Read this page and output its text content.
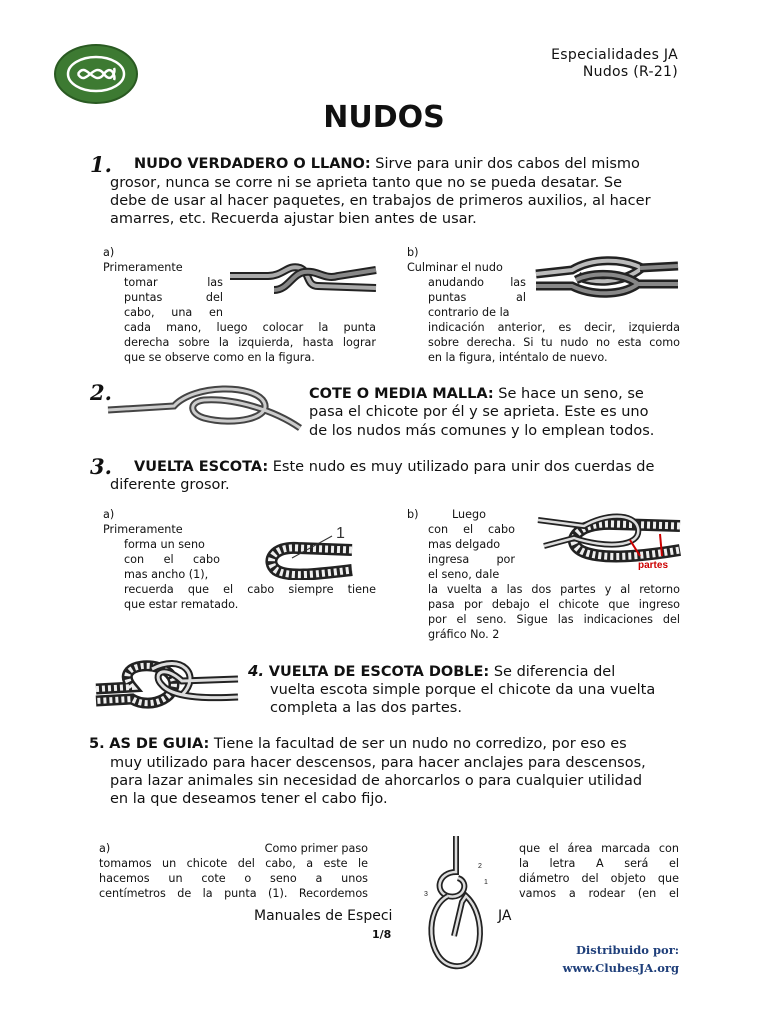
Especialidades JA
Nudos (R-21)
NUDOS
1. NUDO VERDADERO O LLANO: Sirve para unir dos cabos del mismo
grosor, nunca se corre ni se aprieta tanto que no se pueda desatar. Se
debe de usar al hacer paquetes, en trabajos de primeros auxilios, al hacer
amarres, etc. Recuerda ajustar bien antes de usar.
a)
Primeramente
tomar las
puntas del
cabo, una en
cada mano, luego colocar la punta
derecha sobre la izquierda, hasta lograr
que se observe como en la figura.
b)
Culminar el nudo
anudando las
puntas al
contrario de la
indicación anterior, es decir, izquierda
sobre derecha. Si tu nudo no esta como
en la figura, inténtalo de nuevo.
2.	COTE O MEDIA MALLA: Se hace un seno, se
pasa el chicote por él y se aprieta. Este es uno
de los nudos más comunes y lo emplean todos.
3. VUELTA ESCOTA: Este nudo es muy utilizado para unir dos cuerdas de
diferente grosor.
a)
Primeramente
forma un seno
con el cabo
mas ancho (1),
recuerda que el cabo siempre tiene
que estar rematado.
1
b)	Luego
con el cabo
mas delgado
ingresa por
el seno, dale
la vuelta a las dos partes y al retorno
pasa por debajo el chicote que ingreso
por el seno. Sigue las indicaciones del
gráfico No. 2
partes
4. VUELTA DE ESCOTA DOBLE: Se diferencia del
vuelta escota simple porque el chicote da una vuelta
completa a las dos partes.
5. AS DE GUIA: Tiene la facultad de ser un nudo no corredizo, por eso es
muy utilizado para hacer descensos, para hacer anclajes para descensos,
para lazar animales sin necesidad de ahorcarlos o para cualquier utilidad
en la que deseamos tener el cabo fijo.
a)	Como primer paso
tomamos un chicote del cabo, a este le
hacemos un cote o seno a unos
centímetros de la punta (1). Recordemos
que el área marcada con
la letra A será el
diámetro del objeto que
vamos a rodear (en el
Manuales de Especi	JA
1/8
2
1
3
Distribuido por:
www.ClubesJA.org
